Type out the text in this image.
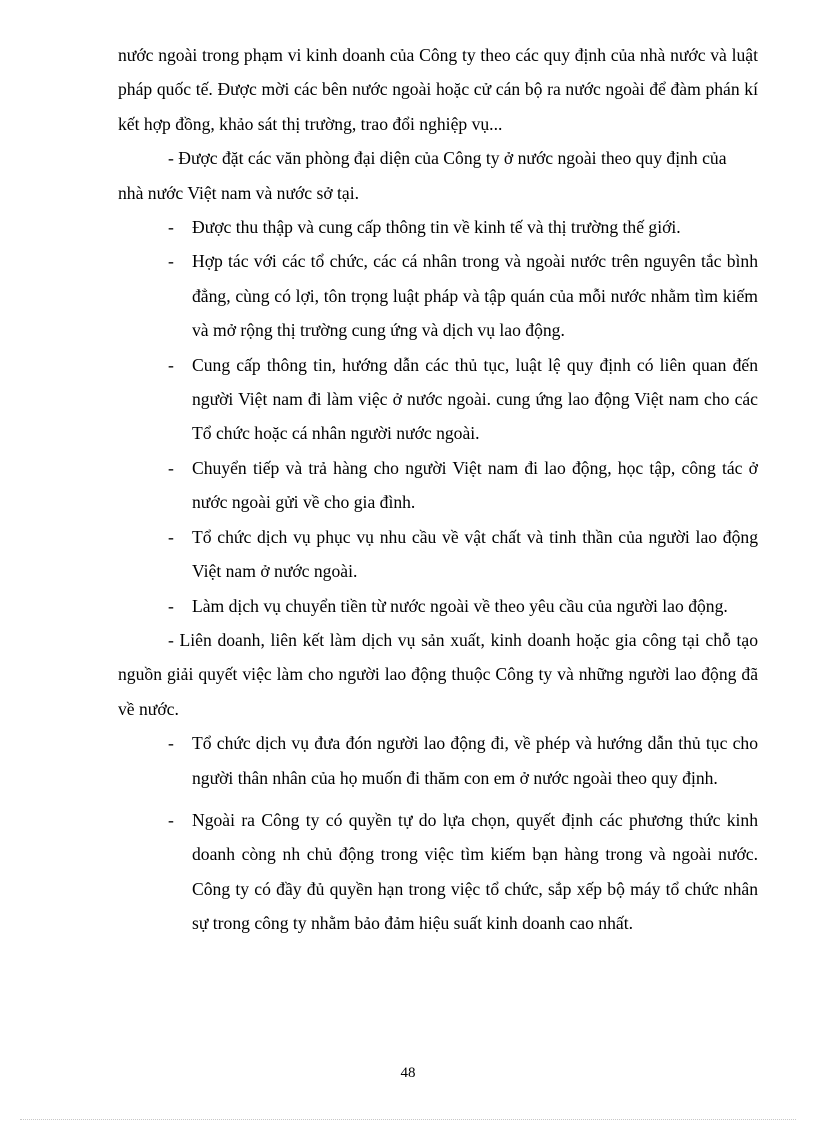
nước ngoài trong phạm vi kinh doanh của Công ty theo các quy định của nhà nước và luật pháp quốc tế. Được mời các bên nước ngoài hoặc cử cán bộ ra nước ngoài để đàm phán kí kết hợp đồng, khảo sát thị trường, trao đổi nghiệp vụ...

- Được đặt các văn phòng đại diện của Công ty ở nước ngoài theo quy định của

nhà nước Việt nam và nước sở tại.

-	Được thu thập và cung cấp thông tin về kinh tế và thị trường thế giới.
-	Hợp tác với các tổ chức, các cá nhân trong và ngoài nước trên nguyên tắc bình đẳng, cùng có lợi, tôn trọng luật pháp và tập quán của mỗi nước nhằm tìm kiếm và mở rộng thị trường cung ứng và dịch vụ lao động.
-	Cung cấp thông tin, hướng dẫn các thủ tục, luật lệ quy định có liên quan đến người Việt nam đi làm việc ở nước ngoài. cung ứng lao động Việt nam cho các Tổ chức hoặc cá nhân người nước ngoài.
-	Chuyển tiếp và trả hàng cho người Việt nam đi lao động, học tập, công tác ở nước ngoài gửi về cho gia đình.
-	Tổ chức dịch vụ phục vụ nhu cầu về vật chất và tinh thần của người lao động Việt nam ở nước ngoài.
-	Làm dịch vụ chuyển tiền từ nước ngoài về theo yêu cầu của người lao động.

- Liên doanh, liên kết làm dịch vụ sản xuất, kinh doanh hoặc gia công tại chỗ tạo nguồn giải quyết việc làm cho người lao động thuộc Công ty và những người lao động đã về nước.

-	Tổ chức dịch vụ đưa đón người lao động đi, về phép và hướng dẫn thủ tục cho người thân nhân của họ muốn đi thăm con em ở nước ngoài theo quy định.
-	Ngoài ra Công ty có quyền tự do lựa chọn, quyết định các phương thức kinh doanh còng nh chủ động trong việc tìm kiếm bạn hàng trong và ngoài nước. Công ty có đầy đủ quyền hạn trong việc tổ chức, sắp xếp bộ máy tổ chức nhân sự trong công ty nhằm bảo đảm hiệu suất kinh doanh cao nhất.
48
